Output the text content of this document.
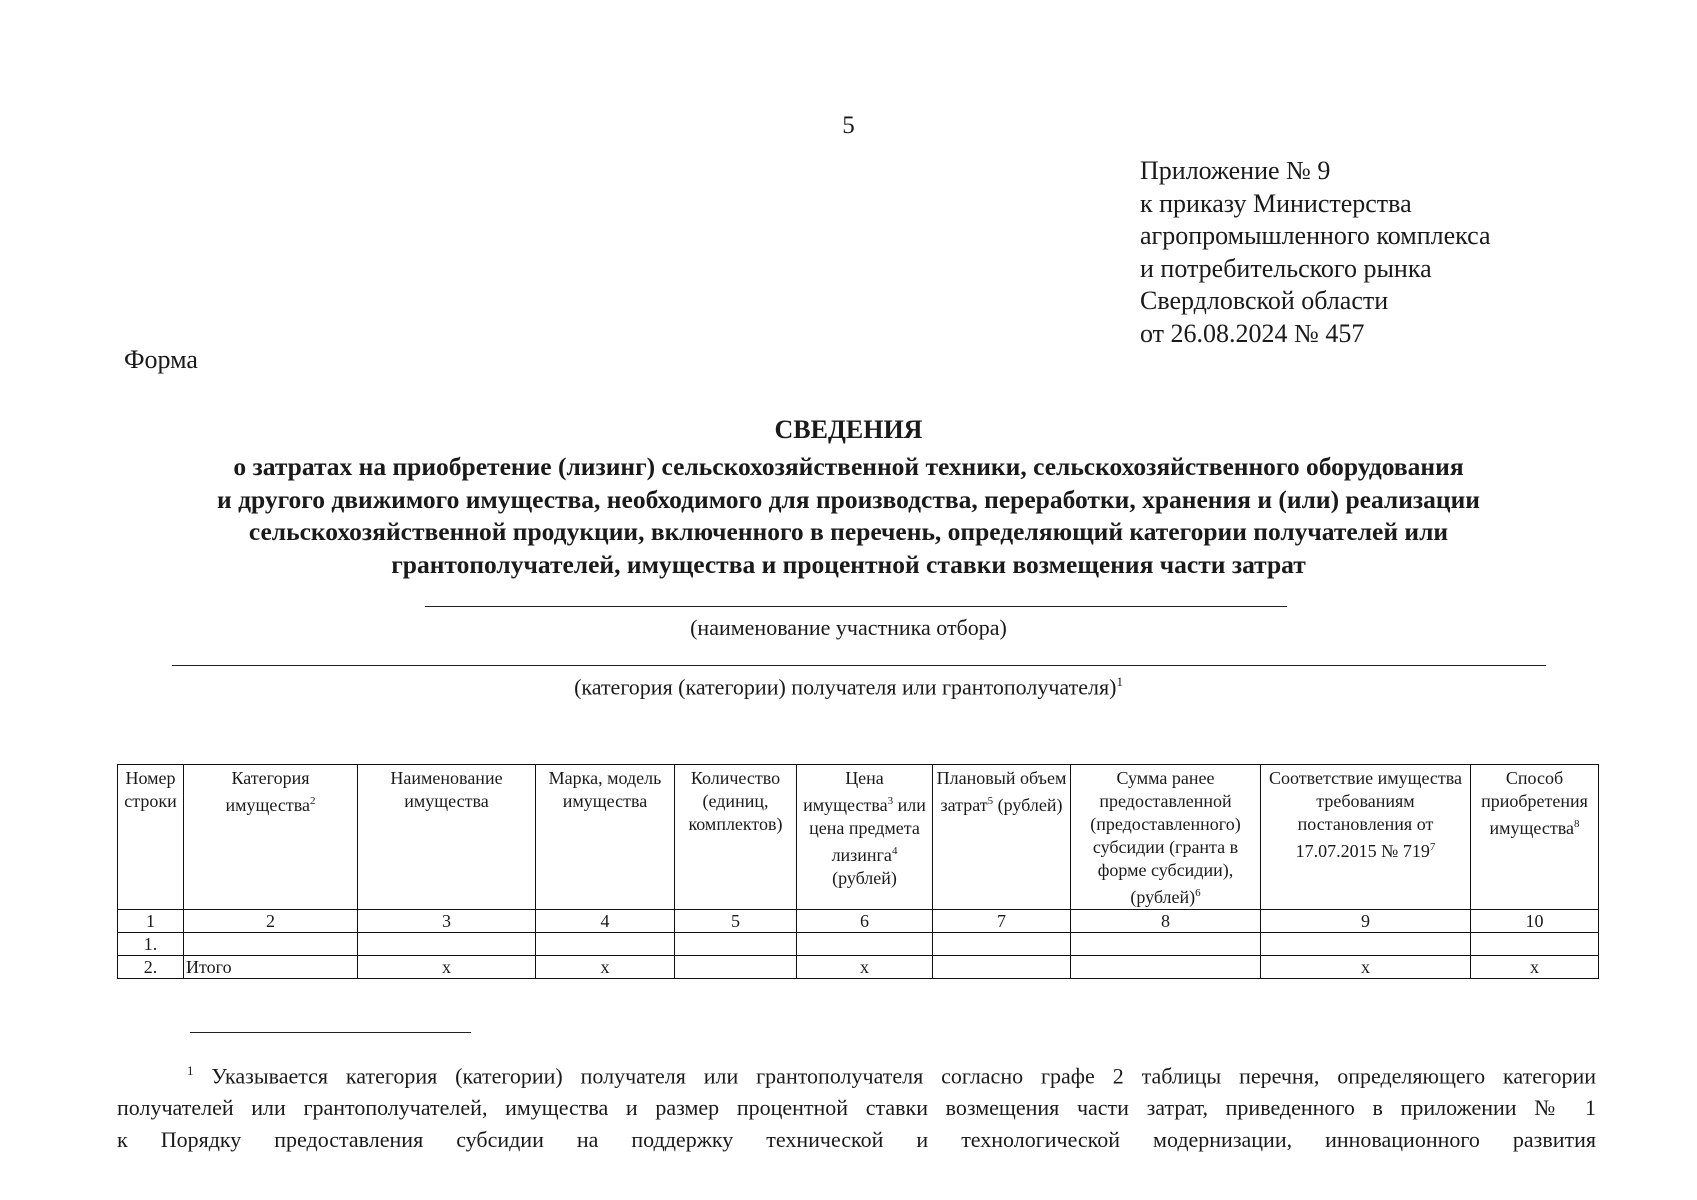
5
Приложение № 9
к приказу Министерства
агропромышленного комплекса
и потребительского рынка
Свердловской области
от 26.08.2024 № 457
Форма
СВЕДЕНИЯ
о затратах на приобретение (лизинг) сельскохозяйственной техники, сельскохозяйственного оборудования
и другого движимого имущества, необходимого для производства, переработки, хранения и (или) реализации
сельскохозяйственной продукции, включенного в перечень, определяющий категории получателей или
грантополучателей, имущества и процентной ставки возмещения части затрат
(наименование участника отбора)
(категория (категории) получателя или грантополучателя)$^1$
Номер строки	Категория имущества$^2$	Наименование имущества	Марка, модель имущества	Количество (единиц, комплектов)	Цена имущества$^3$ или цена предмета лизинга$^4$ (рублей)	Плановый объем затрат$^5$ (рублей)	Сумма ранее предоставленной (предоставленного) субсидии (гранта в форме субсидии), (рублей)$^6$	Соответствие имущества требованиям постановления от 17.07.2015 № $719^7$	Способ приобретения имущества$^8$
1	2	3	4	5	6	7	8	9	10
1.									
2.	Итого	х	х		х			х	х
$^1$ Указывается категория (категории) получателя или грантополучателя согласно графе 2 таблицы перечня, определяющего категории
получателей или грантополучателей, имущества и размер процентной ставки возмещения части затрат, приведенного в приложении № 1
к Порядку предоставления субсидии на поддержку технической и технологической модернизации, инновационного развития
